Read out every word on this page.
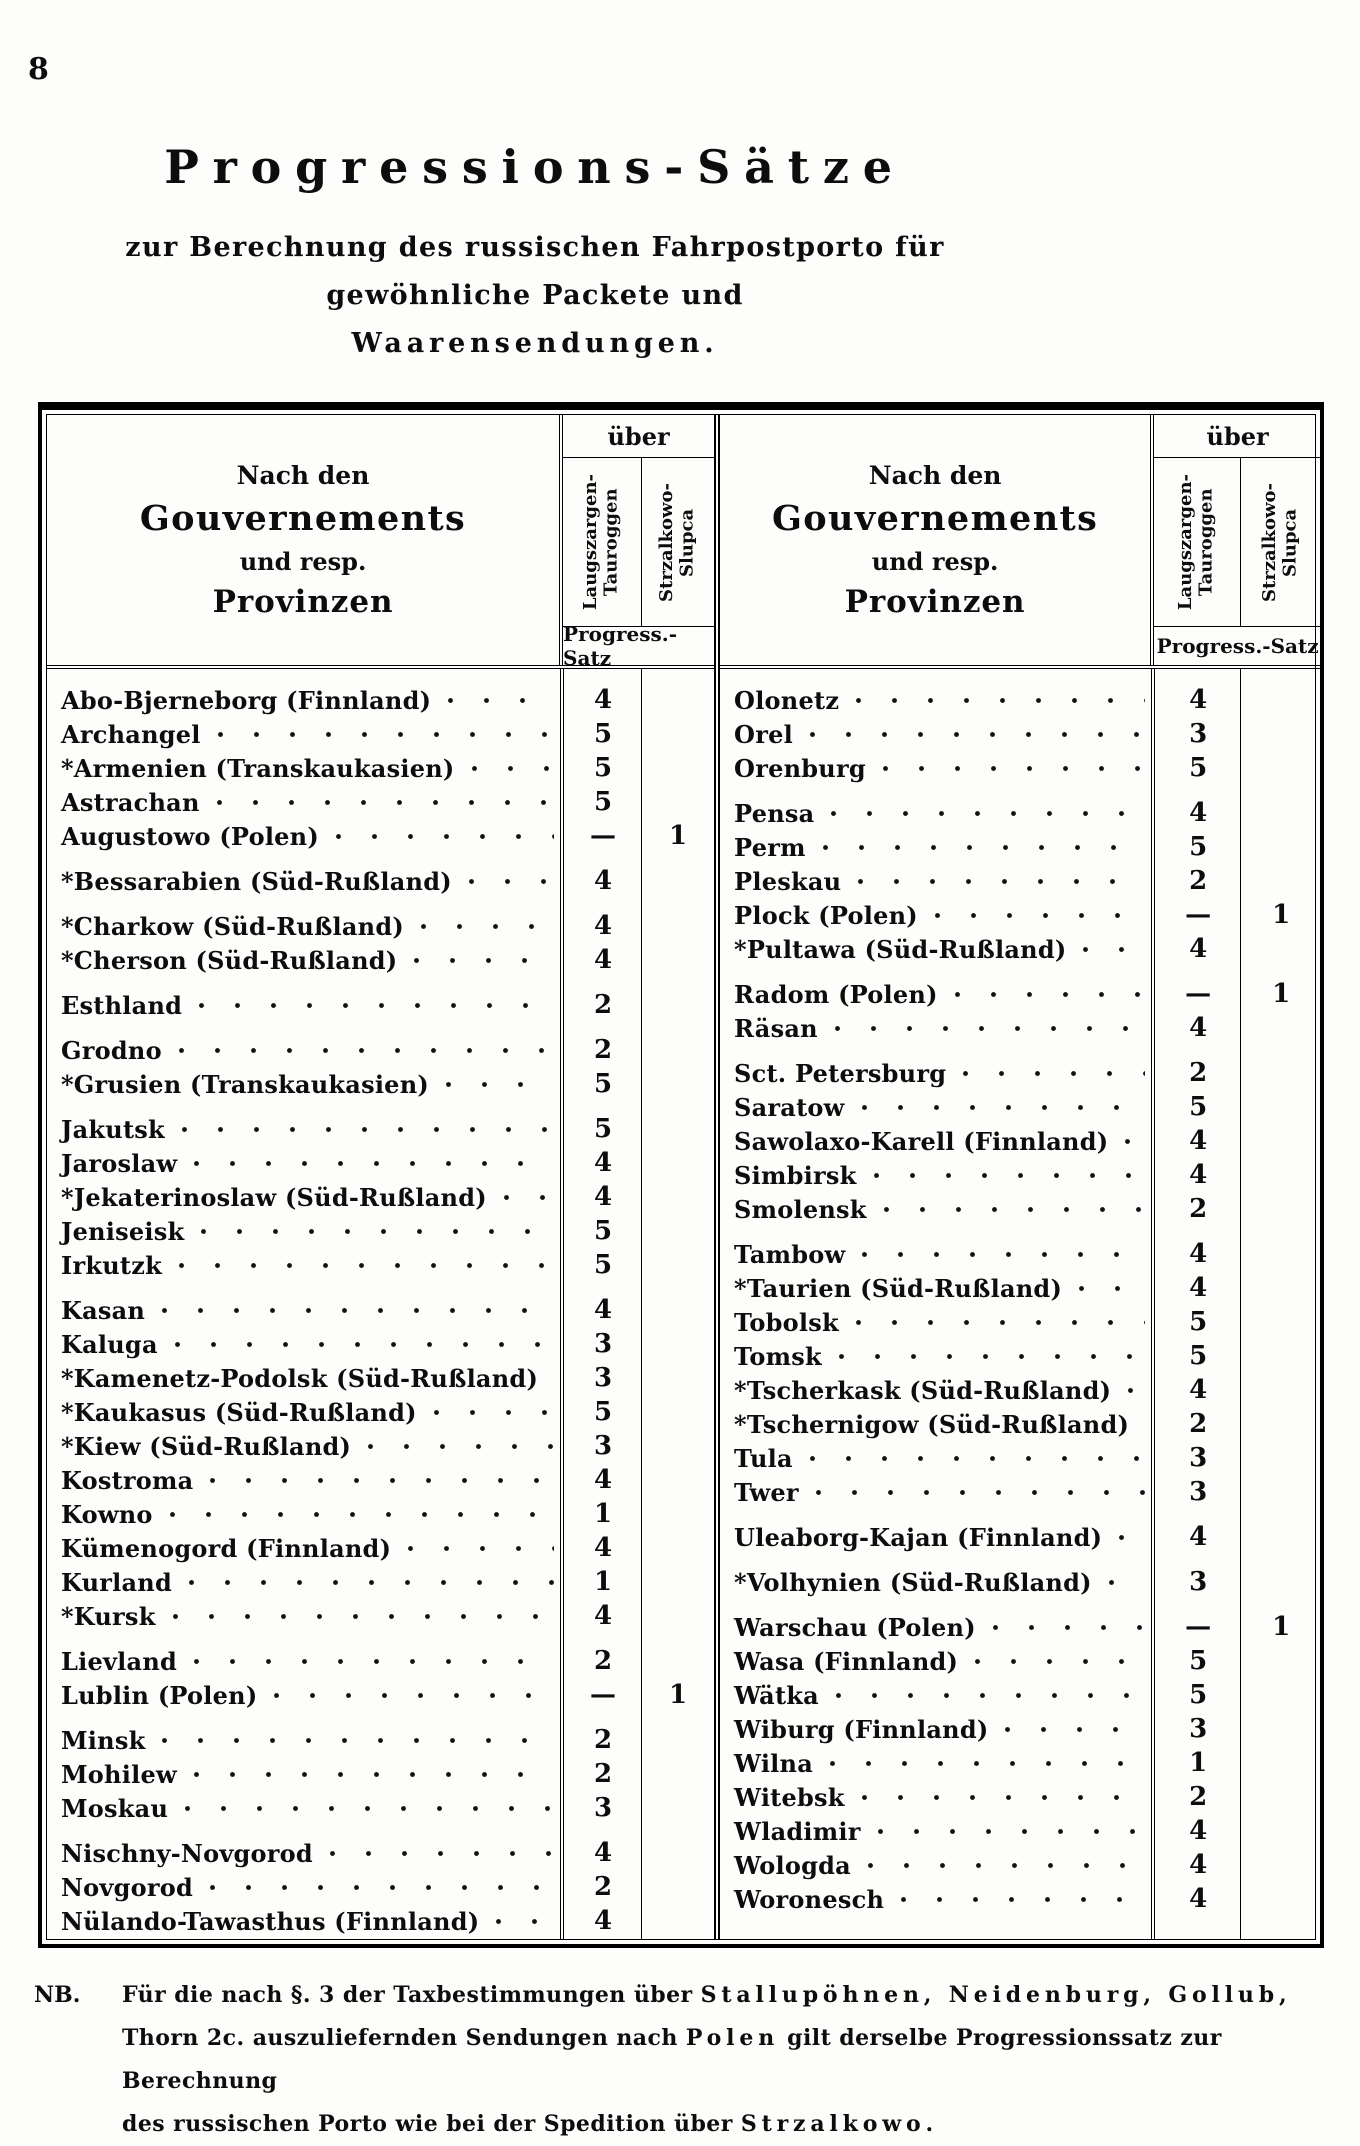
8
Progressions-Sätze
zur Berechnung des russischen Fahrpostporto für gewöhnliche Packete und
Waarensendungen.
Nach den
Gouvernements
und resp.
Provinzen
über
Laugszargen-
Tauroggen Strzalkowo-
Slupca
Progress.-Satz
Abo-Bjerneborg (Finnland)	4
Archangel	5
*Armenien (Transkaukasien)	5
Astrachan	5
Augustowo (Polen)	—	1
*Bessarabien (Süd-Rußland)	4
*Charkow (Süd-Rußland)	4
*Cherson (Süd-Rußland)	4
Esthland	2
Grodno	2
*Grusien (Transkaukasien)	5
Jakutsk	5
Jaroslaw	4
*Jekaterinoslaw (Süd-Rußland)	4
Jeniseisk	5
Irkutzk	5
Kasan	4
Kaluga	3
*Kamenetz-Podolsk (Süd-Rußland)	3
*Kaukasus (Süd-Rußland)	5
*Kiew (Süd-Rußland)	3
Kostroma	4
Kowno	1
Kümenogord (Finnland)	4
Kurland	1
*Kursk	4
Lievland	2
Lublin (Polen)	—	1
Minsk	2
Mohilew	2
Moskau	3
Nischny-Novgorod	4
Novgorod	2
Nülando-Tawasthus (Finnland)	4
Nach den
Gouvernements
und resp.
Provinzen
über
Laugszargen-
Tauroggen Strzalkowo-
Slupca
Progress.-Satz
Olonetz	4
Orel	3
Orenburg	5
Pensa	4
Perm	5
Pleskau	2
Plock (Polen)	—	1
*Pultawa (Süd-Rußland)	4
Radom (Polen)	—	1
Räsan	4
Sct. Petersburg	2
Saratow	5
Sawolaxo-Karell (Finnland)	4
Simbirsk	4
Smolensk	2
Tambow	4
*Taurien (Süd-Rußland)	4
Tobolsk	5
Tomsk	5
*Tscherkask (Süd-Rußland)	4
*Tschernigow (Süd-Rußland)	2
Tula	3
Twer	3
Uleaborg-Kajan (Finnland)	4
*Volhynien (Süd-Rußland)	3
Warschau (Polen)	—	1
Wasa (Finnland)	5
Wätka	5
Wiburg (Finnland)	3
Wilna	1
Witebsk	2
Wladimir	4
Wologda	4
Woronesch	4
NB. Für die nach §. 3 der Taxbestimmungen über Stallupöhnen, Neidenburg, Gollub,
Thorn 2c. auszuliefernden Sendungen nach Polen gilt derselbe Progressionssatz zur Berechnung
des russischen Porto wie bei der Spedition über Strzalkowo.
